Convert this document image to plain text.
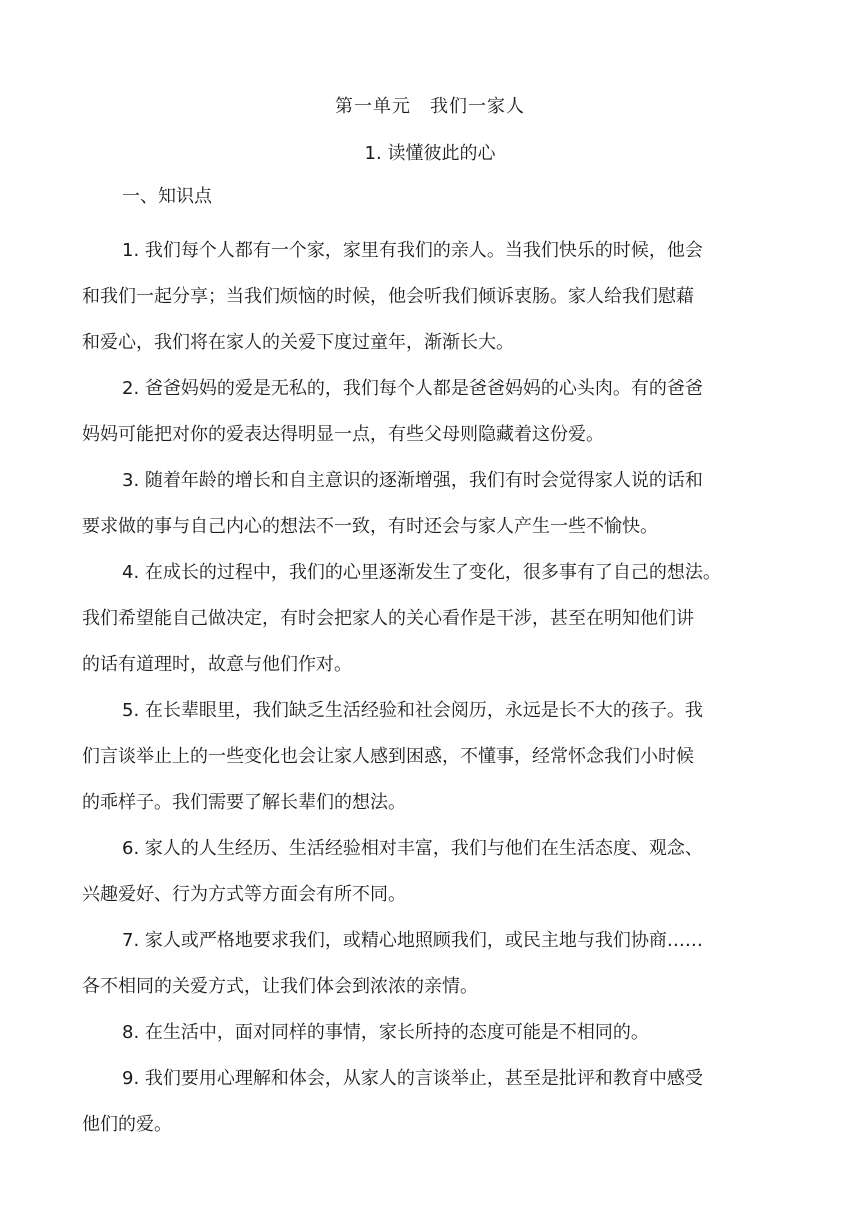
第一单元　我们一家人
1. 读懂彼此的心
一、知识点
1. 我们每个人都有一个家，家里有我们的亲人。当我们快乐的时候，他会
和我们一起分享；当我们烦恼的时候，他会听我们倾诉衷肠。家人给我们慰藉
和爱心，我们将在家人的关爱下度过童年，渐渐长大。
2. 爸爸妈妈的爱是无私的，我们每个人都是爸爸妈妈的心头肉。有的爸爸
妈妈可能把对你的爱表达得明显一点，有些父母则隐藏着这份爱。
3. 随着年龄的增长和自主意识的逐渐增强，我们有时会觉得家人说的话和
要求做的事与自己内心的想法不一致，有时还会与家人产生一些不愉快。
4. 在成长的过程中，我们的心里逐渐发生了变化，很多事有了自己的想法。
我们希望能自己做决定，有时会把家人的关心看作是干涉，甚至在明知他们讲
的话有道理时，故意与他们作对。
5. 在长辈眼里，我们缺乏生活经验和社会阅历，永远是长不大的孩子。我
们言谈举止上的一些变化也会让家人感到困惑，不懂事，经常怀念我们小时候
的乖样子。我们需要了解长辈们的想法。
6. 家人的人生经历、生活经验相对丰富，我们与他们在生活态度、观念、
兴趣爱好、行为方式等方面会有所不同。
7. 家人或严格地要求我们，或精心地照顾我们，或民主地与我们协商……
各不相同的关爱方式，让我们体会到浓浓的亲情。
8. 在生活中，面对同样的事情，家长所持的态度可能是不相同的。
9. 我们要用心理解和体会，从家人的言谈举止，甚至是批评和教育中感受
他们的爱。
